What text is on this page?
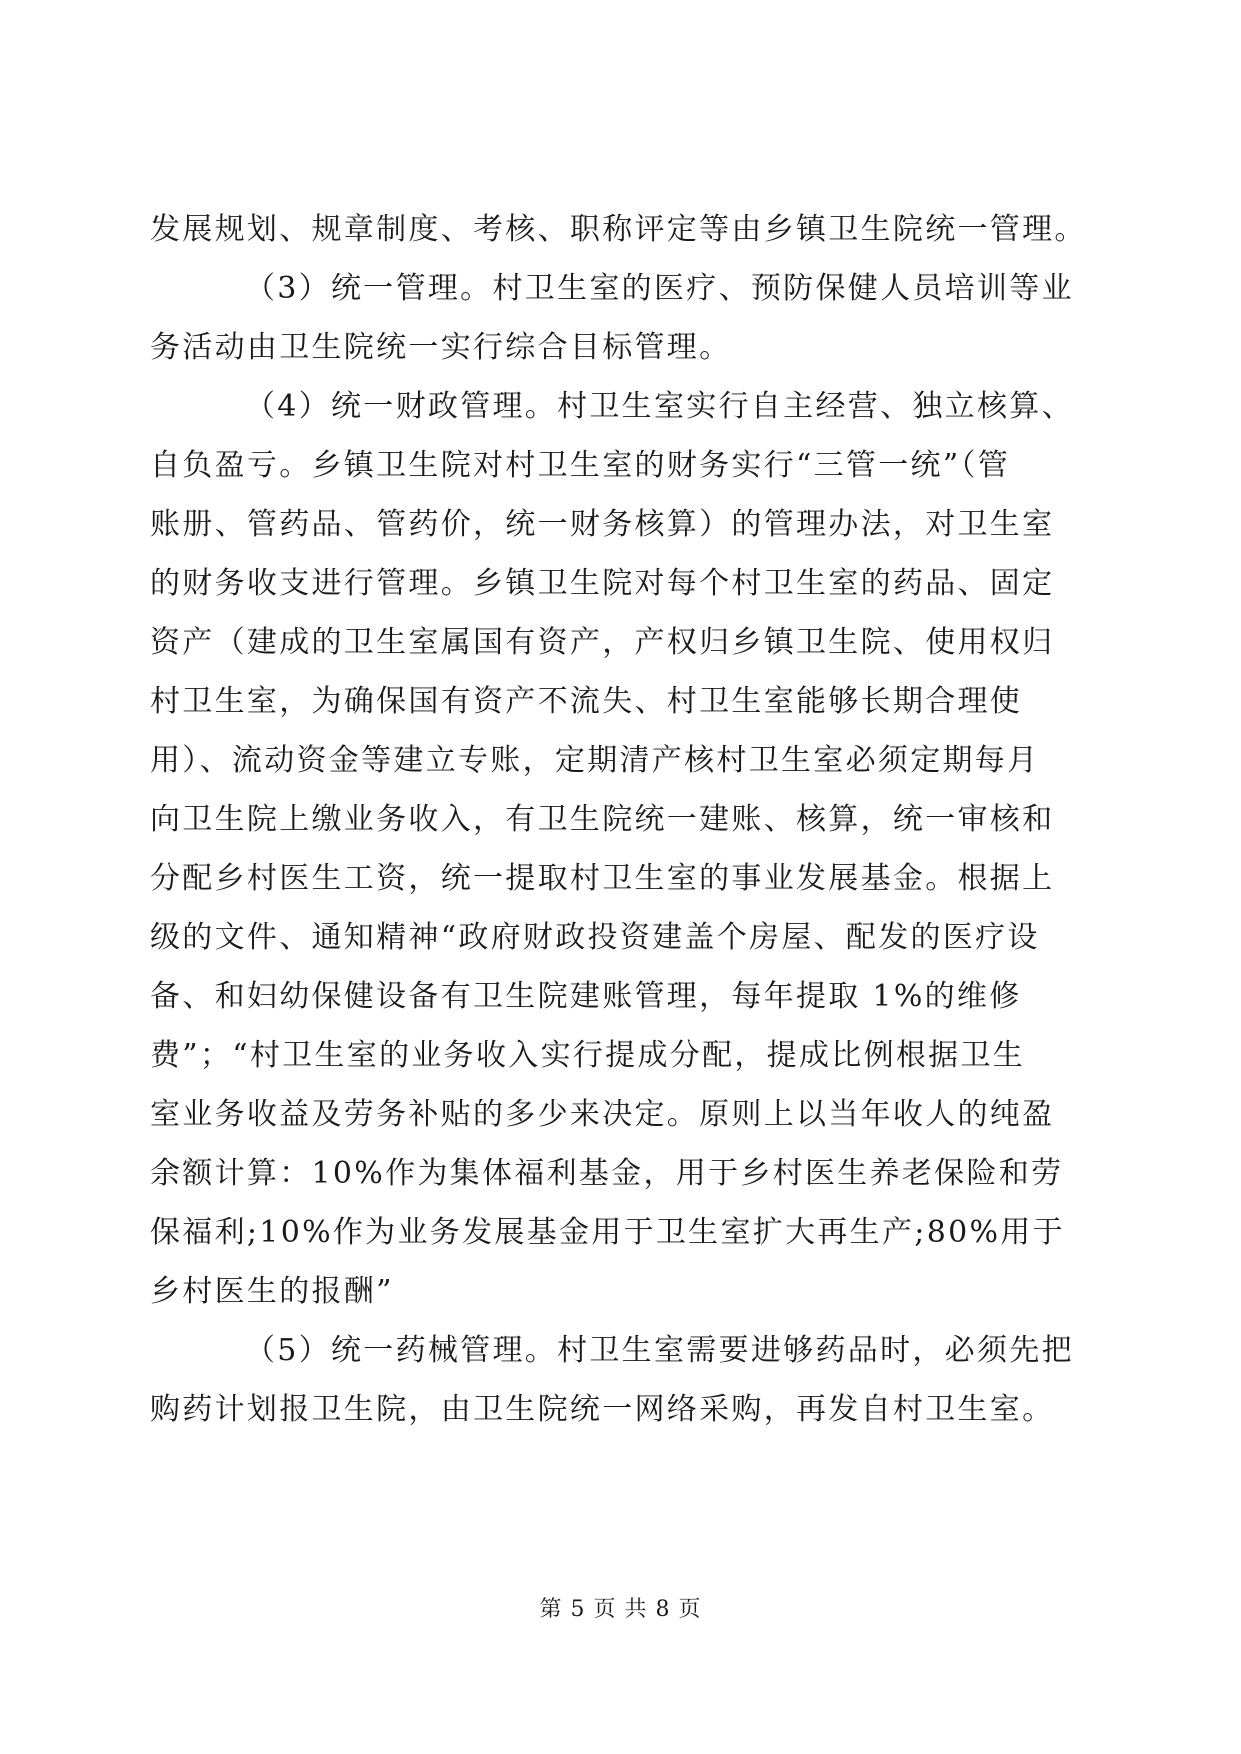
发展规划、规章制度、考核、职称评定等由乡镇卫生院统一管理。
（3）统一管理。村卫生室的医疗、预防保健人员培训等业
务活动由卫生院统一实行综合目标管理。
（4）统一财政管理。村卫生室实行自主经营、独立核算、
自负盈亏。乡镇卫生院对村卫生室的财务实行“三管一统”（管
账册、管药品、管药价，统一财务核算）的管理办法，对卫生室
的财务收支进行管理。乡镇卫生院对每个村卫生室的药品、固定
资产（建成的卫生室属国有资产，产权归乡镇卫生院、使用权归
村卫生室，为确保国有资产不流失、村卫生室能够长期合理使
用）、流动资金等建立专账，定期清产核村卫生室必须定期每月
向卫生院上缴业务收入，有卫生院统一建账、核算，统一审核和
分配乡村医生工资，统一提取村卫生室的事业发展基金。根据上
级的文件、通知精神“政府财政投资建盖个房屋、配发的医疗设
备、和妇幼保健设备有卫生院建账管理，每年提取 1%的维修
费”；“村卫生室的业务收入实行提成分配，提成比例根据卫生
室业务收益及劳务补贴的多少来决定。原则上以当年收人的纯盈
余额计算：10%作为集体福利基金，用于乡村医生养老保险和劳
保福利;10%作为业务发展基金用于卫生室扩大再生产;80%用于
乡村医生的报酬”
（5）统一药械管理。村卫生室需要进够药品时，必须先把
购药计划报卫生院，由卫生院统一网络采购，再发自村卫生室。
第 5 页 共 8 页
